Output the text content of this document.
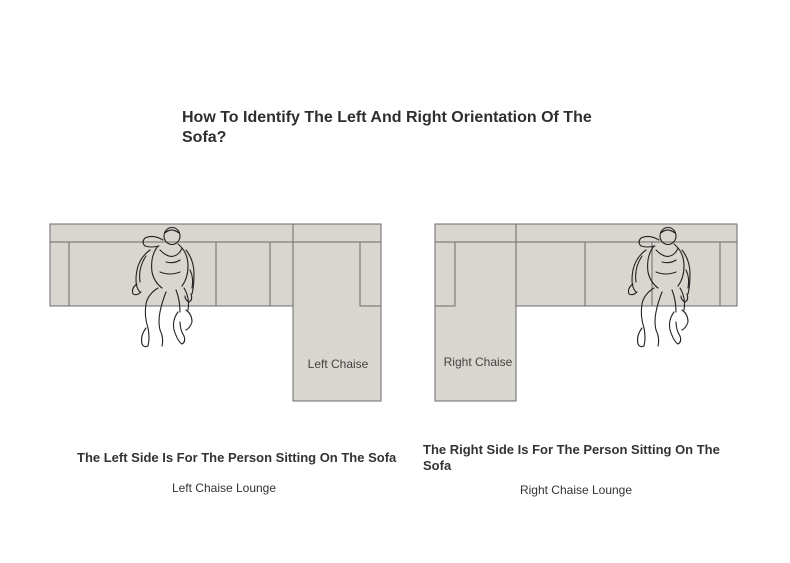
How To Identify The Left And Right Orientation Of The Sofa?
Left Chaise	Right Chaise
The Left Side Is For The Person Sitting On The Sofa
Left Chaise Lounge
The Right Side Is For The Person Sitting On The Sofa
Right Chaise Lounge
